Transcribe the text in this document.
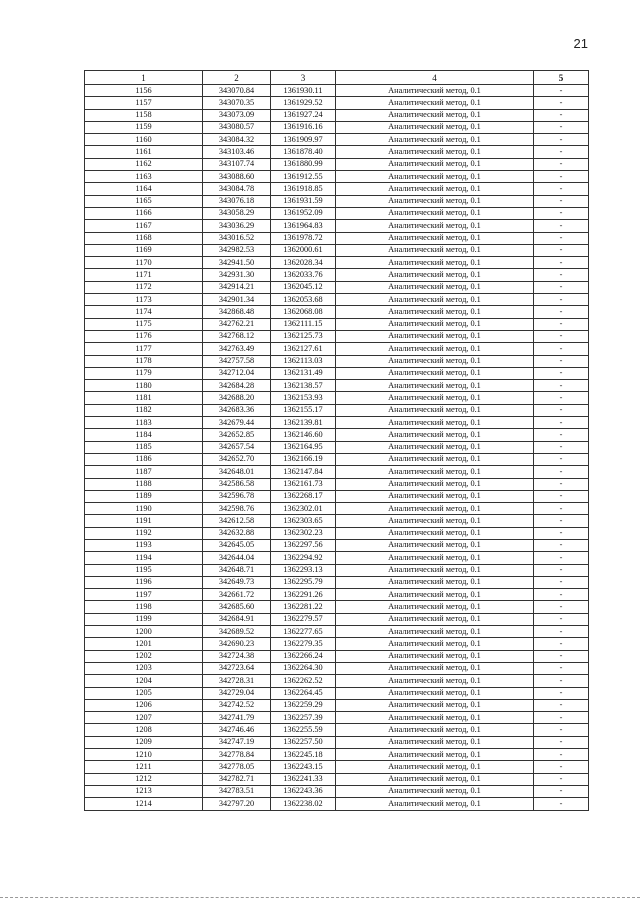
21
1	2	3	4	5
1156	343070.84	1361930.11	Аналитический метод, 0.1	-
1157	343070.35	1361929.52	Аналитический метод, 0.1	-
1158	343073.09	1361927.24	Аналитический метод, 0.1	-
1159	343080.57	1361916.16	Аналитический метод, 0.1	-
1160	343084.32	1361909.97	Аналитический метод, 0.1	-
1161	343103.46	1361878.40	Аналитический метод, 0.1	-
1162	343107.74	1361880.99	Аналитический метод, 0.1	-
1163	343088.60	1361912.55	Аналитический метод, 0.1	-
1164	343084.78	1361918.85	Аналитический метод, 0.1	-
1165	343076.18	1361931.59	Аналитический метод, 0.1	-
1166	343058.29	1361952.09	Аналитический метод, 0.1	-
1167	343036.29	1361964.83	Аналитический метод, 0.1	-
1168	343016.52	1361978.72	Аналитический метод, 0.1	-
1169	342982.53	1362000.61	Аналитический метод, 0.1	-
1170	342941.50	1362028.34	Аналитический метод, 0.1	-
1171	342931.30	1362033.76	Аналитический метод, 0.1	-
1172	342914.21	1362045.12	Аналитический метод, 0.1	-
1173	342901.34	1362053.68	Аналитический метод, 0.1	-
1174	342868.48	1362068.08	Аналитический метод, 0.1	-
1175	342762.21	1362111.15	Аналитический метод, 0.1	-
1176	342768.12	1362125.73	Аналитический метод, 0.1	-
1177	342763.49	1362127.61	Аналитический метод, 0.1	-
1178	342757.58	1362113.03	Аналитический метод, 0.1	-
1179	342712.04	1362131.49	Аналитический метод, 0.1	-
1180	342684.28	1362138.57	Аналитический метод, 0.1	-
1181	342688.20	1362153.93	Аналитический метод, 0.1	-
1182	342683.36	1362155.17	Аналитический метод, 0.1	-
1183	342679.44	1362139.81	Аналитический метод, 0.1	-
1184	342652.85	1362146.60	Аналитический метод, 0.1	-
1185	342657.54	1362164.95	Аналитический метод, 0.1	-
1186	342652.70	1362166.19	Аналитический метод, 0.1	-
1187	342648.01	1362147.84	Аналитический метод, 0.1	-
1188	342586.58	1362161.73	Аналитический метод, 0.1	-
1189	342596.78	1362268.17	Аналитический метод, 0.1	-
1190	342598.76	1362302.01	Аналитический метод, 0.1	-
1191	342612.58	1362303.65	Аналитический метод, 0.1	-
1192	342632.88	1362302.23	Аналитический метод, 0.1	-
1193	342645.05	1362297.56	Аналитический метод, 0.1	-
1194	342644.04	1362294.92	Аналитический метод, 0.1	-
1195	342648.71	1362293.13	Аналитический метод, 0.1	-
1196	342649.73	1362295.79	Аналитический метод, 0.1	-
1197	342661.72	1362291.26	Аналитический метод, 0.1	-
1198	342685.60	1362281.22	Аналитический метод, 0.1	-
1199	342684.91	1362279.57	Аналитический метод, 0.1	-
1200	342689.52	1362277.65	Аналитический метод, 0.1	-
1201	342690.23	1362279.35	Аналитический метод, 0.1	-
1202	342724.38	1362266.24	Аналитический метод, 0.1	-
1203	342723.64	1362264.30	Аналитический метод, 0.1	-
1204	342728.31	1362262.52	Аналитический метод, 0.1	-
1205	342729.04	1362264.45	Аналитический метод, 0.1	-
1206	342742.52	1362259.29	Аналитический метод, 0.1	-
1207	342741.79	1362257.39	Аналитический метод, 0.1	-
1208	342746.46	1362255.59	Аналитический метод, 0.1	-
1209	342747.19	1362257.50	Аналитический метод, 0.1	-
1210	342778.84	1362245.18	Аналитический метод, 0.1	-
1211	342778.05	1362243.15	Аналитический метод, 0.1	-
1212	342782.71	1362241.33	Аналитический метод, 0.1	-
1213	342783.51	1362243.36	Аналитический метод, 0.1	-
1214	342797.20	1362238.02	Аналитический метод, 0.1	-
